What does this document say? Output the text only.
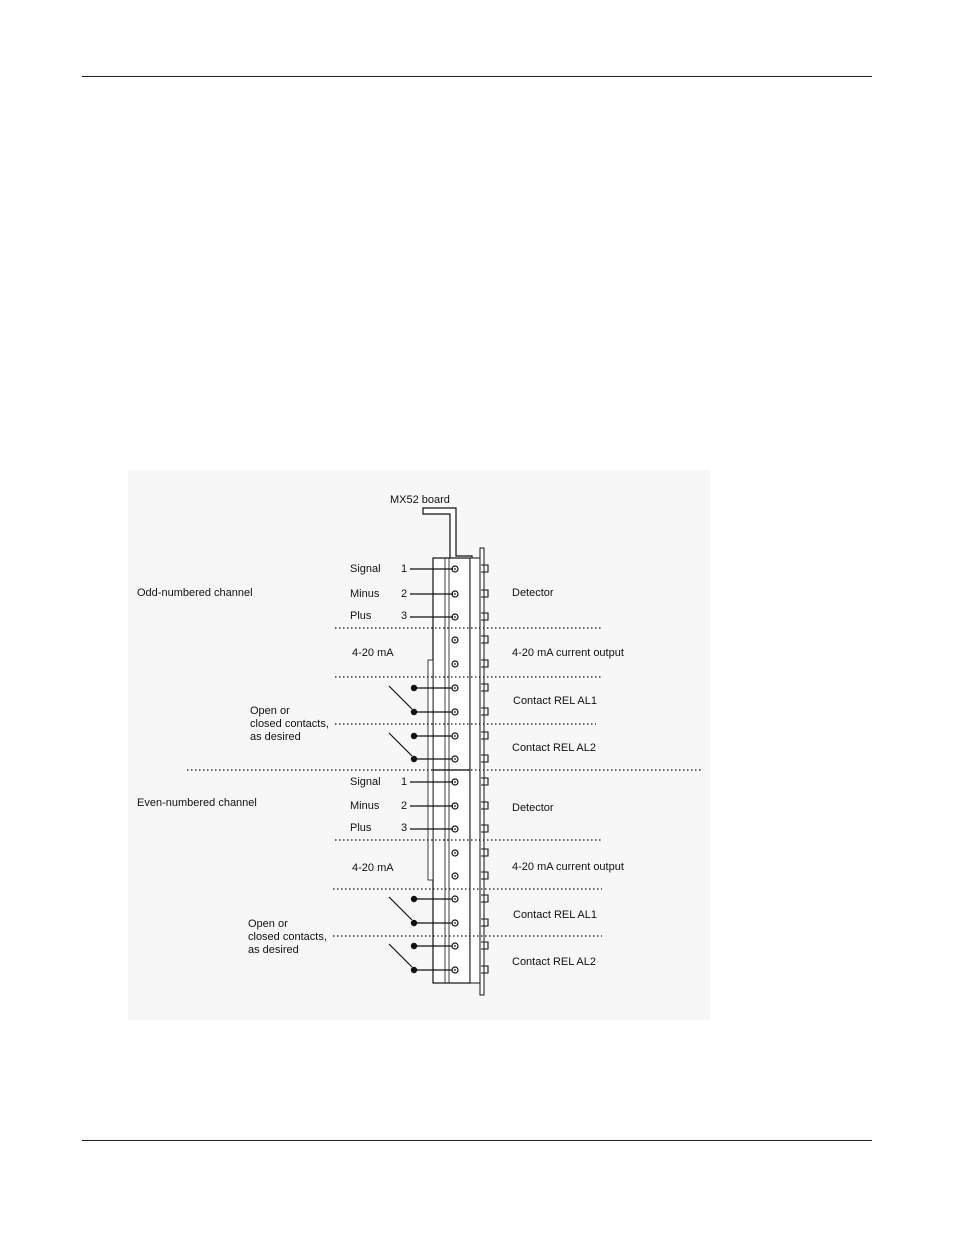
MX52 board
Odd-numbered channel
Signal 1
Minus 2
Plus	3
4-20 mA
Open or
closed contacts,
as desired
Detector
4-20 mA current output
Contact REL AL1
Contact REL AL2
Even-numbered channel
Signal 1
Minus 2
Plus	3
4-20 mA
Open or
closed contacts,
as desired
Detector
4-20 mA current output
Contact REL AL1
Contact REL AL2
